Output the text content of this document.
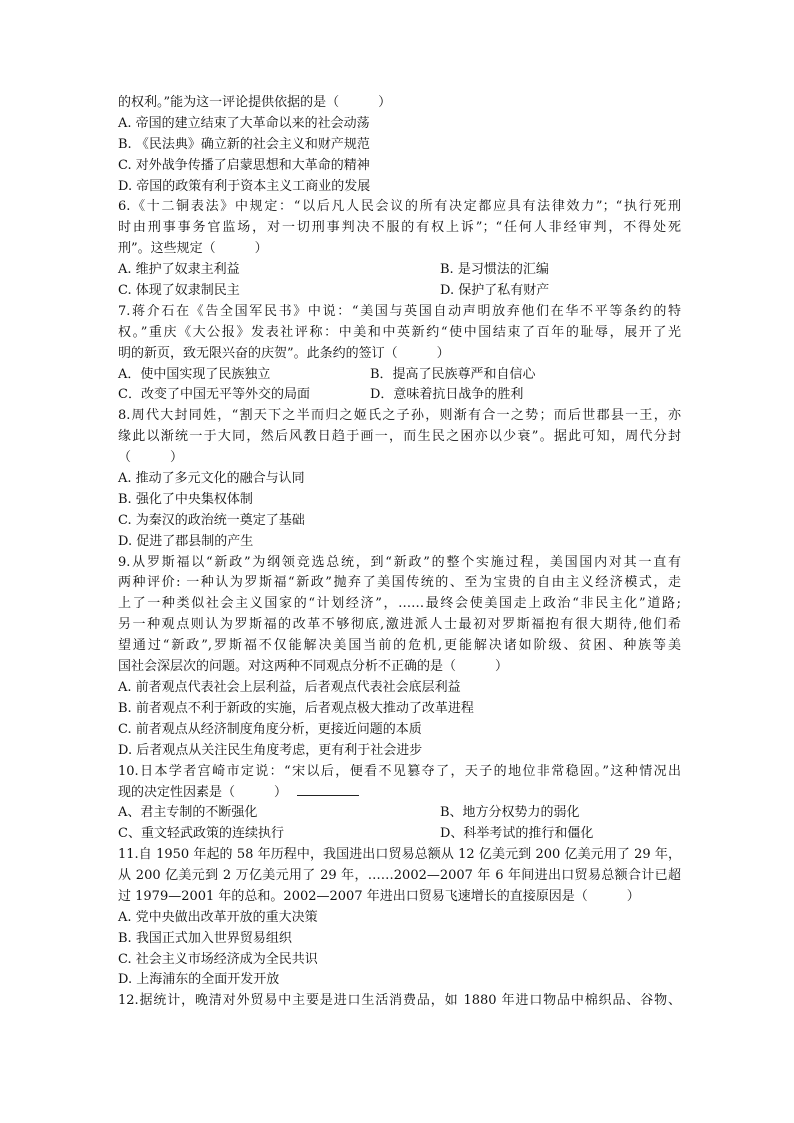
的权利。”能为这一评论提供依据的是（　　　）
A. 帝国的建立结束了大革命以来的社会动荡
B. 《民法典》确立新的社会主义和财产规范
C. 对外战争传播了启蒙思想和大革命的精神
D. 帝国的政策有利于资本主义工商业的发展
6.《十二铜表法》中规定：“以后凡人民会议的所有决定都应具有法律效力”；“执行死刑
时由刑事事务官监场，对一切刑事判决不服的有权上诉”；“任何人非经审判，不得处死
刑”。这些规定（　　　）
A. 维护了奴隶主利益	B. 是习惯法的汇编
C. 体现了奴隶制民主	D. 保护了私有财产
7.蒋介石在《告全国军民书》中说：“美国与英国自动声明放弃他们在华不平等条约的特
权。”重庆《大公报》发表社评称：中美和中英新约“使中国结束了百年的耻辱，展开了光
明的新页，致无限兴奋的庆贺”。此条约的签订（　　　）
A．使中国实现了民族独立	B．提高了民族尊严和自信心
C．改变了中国无平等外交的局面	D．意味着抗日战争的胜利
8.周代大封同姓，“割天下之半而归之姬氏之子孙，则渐有合一之势；而后世郡县一王，亦
缘此以渐统一于大同，然后风教日趋于画一，而生民之困亦以少衰”。据此可知，周代分封
（　　　）
A. 推动了多元文化的融合与认同
B. 强化了中央集权体制
C. 为秦汉的政治统一奠定了基础
D. 促进了郡县制的产生
9.从罗斯福以“新政”为纲领竞选总统，到“新政”的整个实施过程，美国国内对其一直有
两种评价: 一种认为罗斯福“新政”抛弃了美国传统的、至为宝贵的自由主义经济模式，走
上了一种类似社会主义国家的“计划经济”，……最终会使美国走上政治“非民主化”道路;
另一种观点则认为罗斯福的改革不够彻底,激进派人士最初对罗斯福抱有很大期待,他们希
望通过“新政”,罗斯福不仅能解决美国当前的危机,更能解决诸如阶级、贫困、种族等美
国社会深层次的问题。对这两种不同观点分析不正确的是（　　　）
A. 前者观点代表社会上层利益，后者观点代表社会底层利益
B. 前者观点不利于新政的实施，后者观点极大推动了改革进程
C. 前者观点从经济制度角度分析，更接近问题的本质
D. 后者观点从关注民生角度考虑，更有利于社会进步
10.日本学者宫崎市定说：“宋以后，便看不见篡夺了，天子的地位非常稳固。”这种情况出
现的决定性因素是（　　　）
A、君主专制的不断强化	B、地方分权势力的弱化
C、重文轻武政策的连续执行	D、科举考试的推行和僵化
11.自 1950 年起的 58 年历程中，我国进出口贸易总额从 12 亿美元到 200 亿美元用了 29 年，
从 200 亿美元到 2 万亿美元用了 29 年，……2002—2007 年 6 年间进出口贸易总额合计已超
过 1979—2001 年的总和。2002—2007 年进出口贸易飞速增长的直接原因是（　　　）
A. 党中央做出改革开放的重大决策
B. 我国正式加入世界贸易组织
C. 社会主义市场经济成为全民共识
D. 上海浦东的全面开发开放
12.据统计，晚清对外贸易中主要是进口生活消费品，如 1880 年进口物品中棉织品、谷物、
